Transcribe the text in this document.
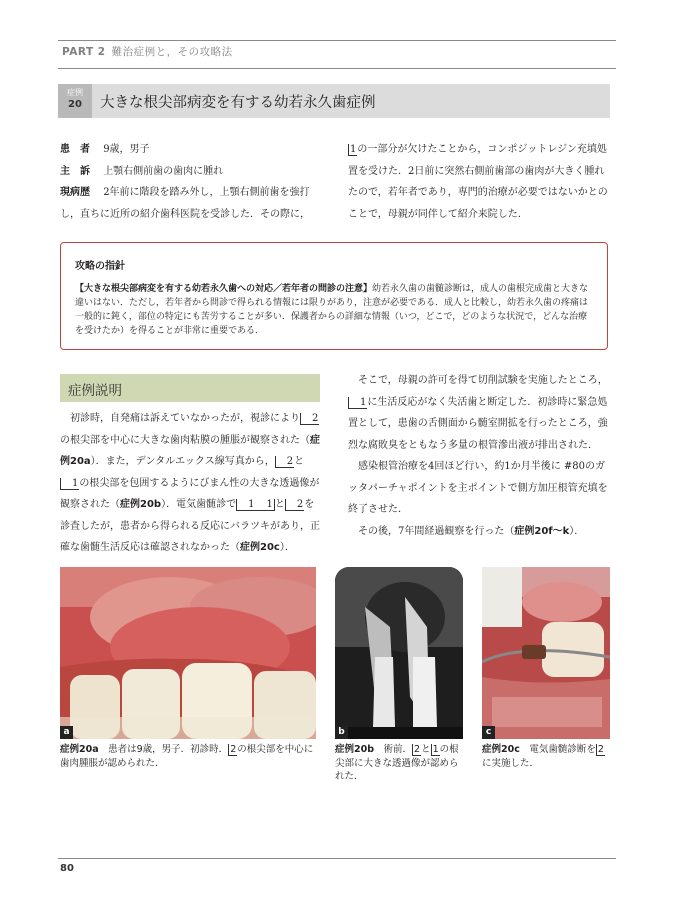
PART 2 難治症例と，その攻略法
症例
20	大きな根尖部病変を有する幼若永久歯症例

患　者 9歳，男子

主　訴 上顎右側前歯の歯肉に腫れ

現病歴 2年前に階段を踏み外し，上顎右側前歯を強打し，直ちに近所の紹介歯科医院を受診した．その際に，

1の一部分が欠けたことから，コンポジットレジン充填処置を受けた．2日前に突然右側前歯部の歯肉が大きく腫れたので，若年者であり，専門的治療が必要ではないかとのことで，母親が同伴して紹介来院した．

攻略の指針
【大きな根尖部病変を有する幼若永久歯への対応／若年者の問診の注意】幼若永久歯の歯髄診断は，成人の歯根完成歯と大きな違いはない．ただし，若年者から問診で得られる情報には限りがあり，注意が必要である．成人と比較し，幼若永久歯の疼痛は一般的に鈍く，部位の特定にも苦労することが多い．保護者からの詳細な情報（いつ，どこで，どのような状況で，どんな治療を受けたか）を得ることが非常に重要である．
症例説明

初診時，自発痛は訴えていなかったが，視診により 2の根尖部を中心に大きな歯肉粘膜の腫脹が観察された（症例20a）．また，デンタルエックス線写真から， 2と1の根尖部を包囲するようにびまん性の大きな透過像が観察された（症例20b）．電気歯髄診で 1 1 と 2を診査したが，患者から得られる反応にバラツキがあり，正確な歯髄生活反応は確認されなかった（症例20c）．

そこで，母親の許可を得て切削試験を実施したところ，1に生活反応がなく失活歯と断定した．初診時に緊急処置として，患歯の舌側面から髄室開拡を行ったところ，強烈な腐敗臭をともなう多量の根管滲出液が排出された．

感染根管治療を4回ほど行い，約1か月半後に #80のガッタパーチャポイントを主ポイントで側方加圧根管充填を終了させた．

その後，7年間経過観察を行った（症例20f〜k）．

a	b	c
症例20a　患者は9歳，男子．初診時． 2の根尖部を中心に歯肉腫脹が認められた．
症例20b　術前． 2と 1の根尖部に大きな透過像が認められた．
症例20c　電気歯髄診断を 2に実施した．
80
